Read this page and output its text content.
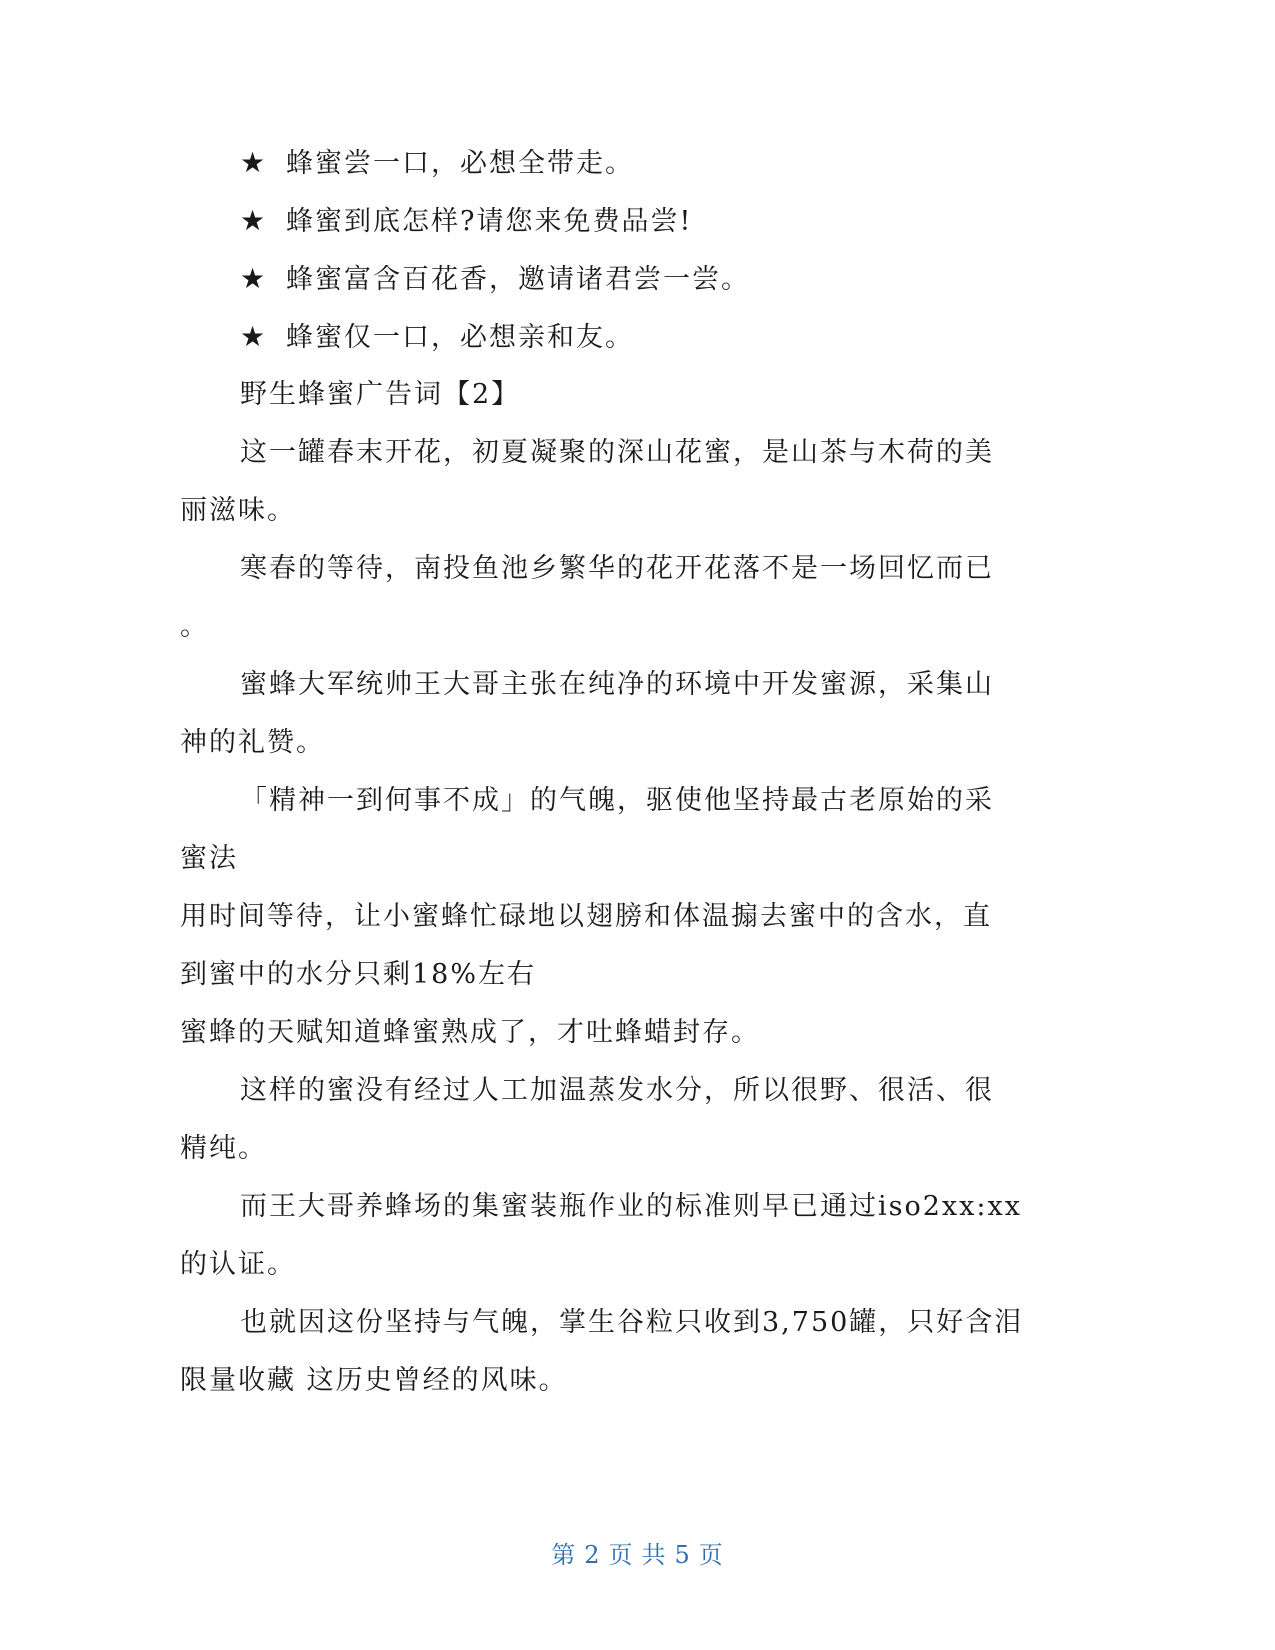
★ 蜂蜜尝一口，必想全带走。
★ 蜂蜜到底怎样?请您来免费品尝!
★ 蜂蜜富含百花香，邀请诸君尝一尝。
★ 蜂蜜仅一口，必想亲和友。
野生蜂蜜广告词【2】
这一罐春末开花，初夏凝聚的深山花蜜，是山茶与木荷的美
丽滋味。
寒春的等待，南投鱼池乡繁华的花开花落不是一场回忆而已
。
蜜蜂大军统帅王大哥主张在纯净的环境中开发蜜源，采集山
神的礼赞。
「精神一到何事不成」的气魄，驱使他坚持最古老原始的采
蜜法
用时间等待，让小蜜蜂忙碌地以翅膀和体温搧去蜜中的含水，直
到蜜中的水分只剩18%左右
蜜蜂的天赋知道蜂蜜熟成了，才吐蜂蜡封存。
这样的蜜没有经过人工加温蒸发水分，所以很野、很活、很
精纯。
而王大哥养蜂场的集蜜装瓶作业的标准则早已通过iso2xx:xx
的认证。
也就因这份坚持与气魄，掌生谷粒只收到3,750罐，只好含泪
限量收藏 这历史曾经的风味。
第 2 页 共 5 页
